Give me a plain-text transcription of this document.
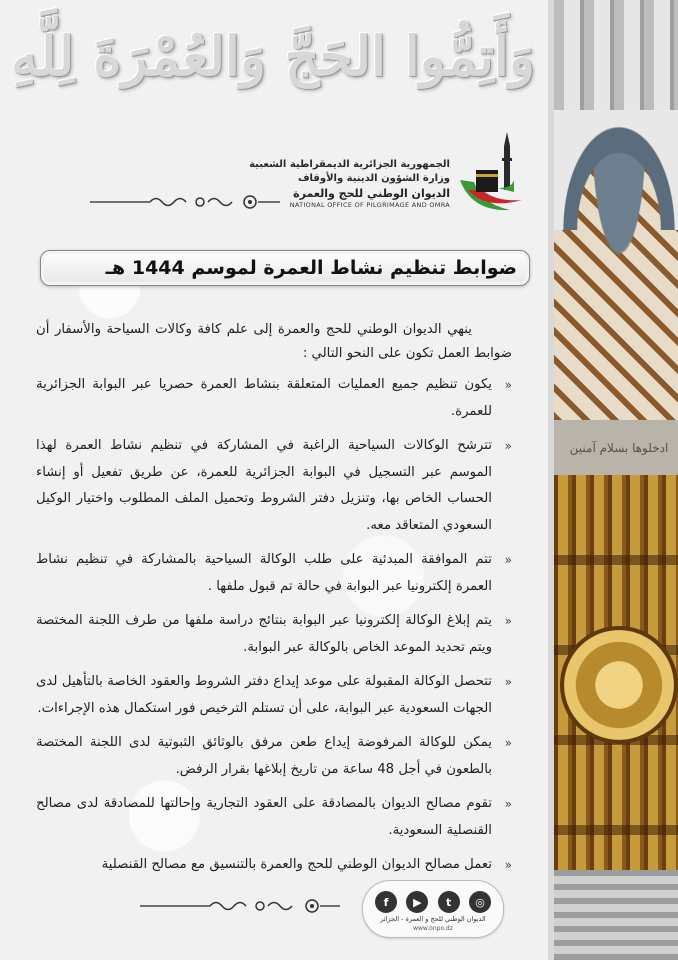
ادخلوها بسلام آمنين
وَأَتِمُّوا الحَجَّ وَالعُمْرَةَ لِلَّهِ
الجمهورية الجزائرية الديمقراطية الشعبية
وزارة الشؤون الدينية والأوقاف
الديوان الوطني للحج والعمرة
NATIONAL OFFICE OF PILGRIMAGE AND OMRA
ضوابط تنظيم نشاط العمرة لموسم 1444 هـ

ينهي الديوان الوطني للحج والعمرة إلى علم كافة وكالات السياحة والأسفار أن ضوابط العمل تكون على النحو التالي :

«
يكون تنظيم جميع العمليات المتعلقة بنشاط العمرة حصريا عبر البوابة الجزائرية للعمرة.
«
تترشح الوكالات السياحية الراغبة في المشاركة في تنظيم نشاط العمرة لهذا الموسم عبر التسجيل في البوابة الجزائرية للعمرة، عن طريق تفعيل أو إنشاء الحساب الخاص بها، وتنزيل دفتر الشروط وتحميل الملف المطلوب واختيار الوكيل السعودي المتعاقد معه.
«
تتم الموافقة المبدئية على طلب الوكالة السياحية بالمشاركة في تنظيم نشاط العمرة إلكترونيا عبر البوابة في حالة تم قبول ملفها .
«
يتم إبلاغ الوكالة إلكترونيا عبر البوابة بنتائج دراسة ملفها من طرف اللجنة المختصة ويتم تحديد الموعد الخاص بالوكالة عبر البوابة.
«
تتحصل الوكالة المقبولة على موعد إيداع دفتر الشروط والعقود الخاصة بالتأهيل لدى الجهات السعودية عبر البوابة، على أن تستلم الترخيص فور استكمال هذه الإجراءات.
«
يمكن للوكالة المرفوضة إيداع طعن مرفق بالوثائق الثبوتية لدى اللجنة المختصة بالطعون في أجل 48 ساعة من تاريخ إبلاغها بقرار الرفض.
«
تقوم مصالح الديوان بالمصادقة على العقود التجارية وإحالتها للمصادقة لدى مصالح القنصلية السعودية.
«
تعمل مصالح الديوان الوطني للحج والعمرة بالتنسيق مع مصالح القنصلية
f	▶	t	◎
الديوان الوطني للحج و العمرة - الجزائر
www.onpo.dz
